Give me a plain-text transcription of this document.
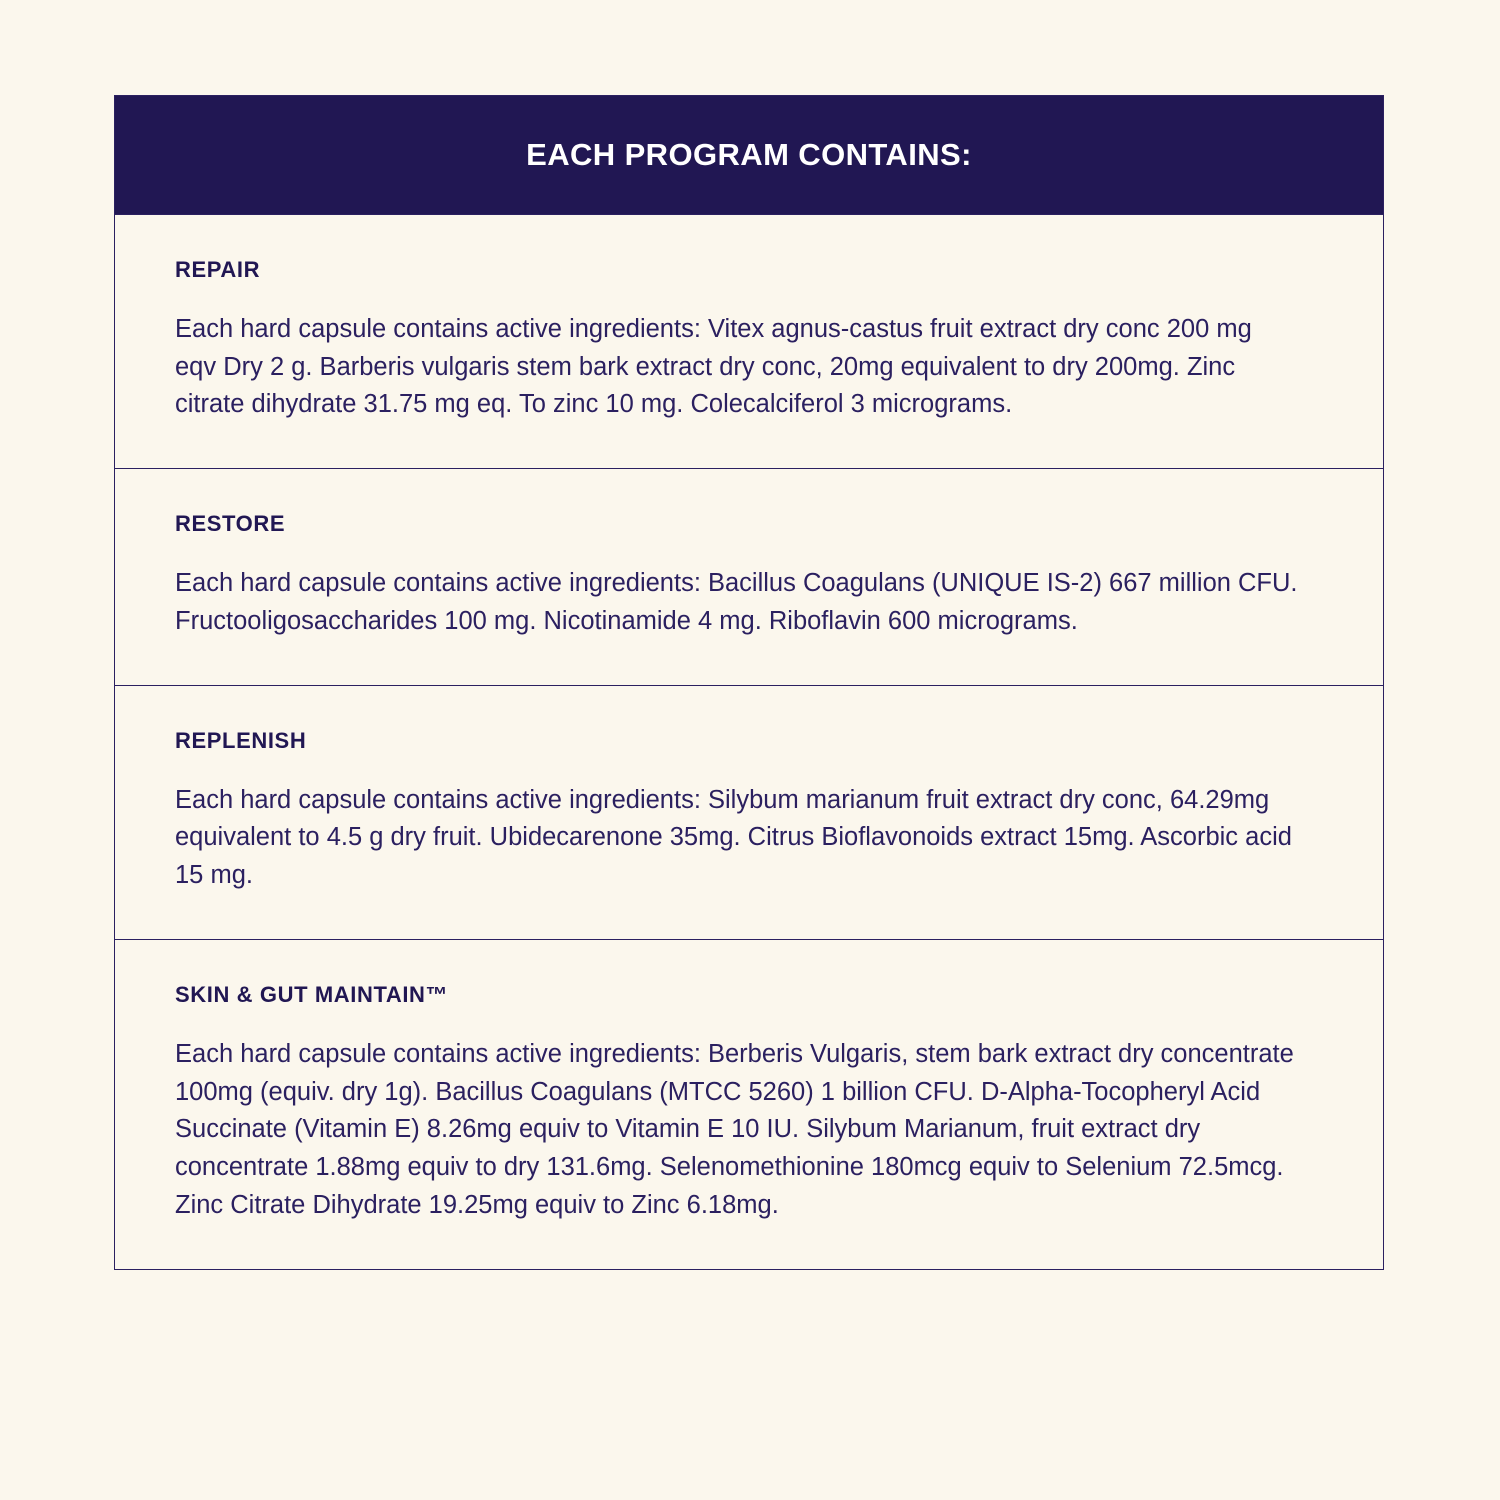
EACH PROGRAM CONTAINS:
REPAIR

Each hard capsule contains active ingredients: Vitex agnus-castus fruit extract dry conc 200 mg eqv Dry 2 g. Barberis vulgaris stem bark extract dry conc, 20mg equivalent to dry 200mg. Zinc citrate dihydrate 31.75 mg eq. To zinc 10 mg. Colecalciferol 3 micrograms.

RESTORE

Each hard capsule contains active ingredients: Bacillus Coagulans (UNIQUE IS-2) 667 million CFU. Fructooligosaccharides 100 mg. Nicotinamide 4 mg. Riboflavin 600 micrograms.

REPLENISH

Each hard capsule contains active ingredients: Silybum marianum fruit extract dry conc, 64.29mg equivalent to 4.5 g dry fruit. Ubidecarenone 35mg. Citrus Bioflavonoids extract 15mg. Ascorbic acid 15 mg.

SKIN & GUT MAINTAIN™

Each hard capsule contains active ingredients: Berberis Vulgaris, stem bark extract dry concentrate 100mg (equiv. dry 1g). Bacillus Coagulans (MTCC 5260) 1 billion CFU. D-Alpha-Tocopheryl Acid Succinate (Vitamin E) 8.26mg equiv to Vitamin E 10 IU. Silybum Marianum, fruit extract dry concentrate 1.88mg equiv to dry 131.6mg. Selenomethionine 180mcg equiv to Selenium 72.5mcg. Zinc Citrate Dihydrate 19.25mg equiv to Zinc 6.18mg.
